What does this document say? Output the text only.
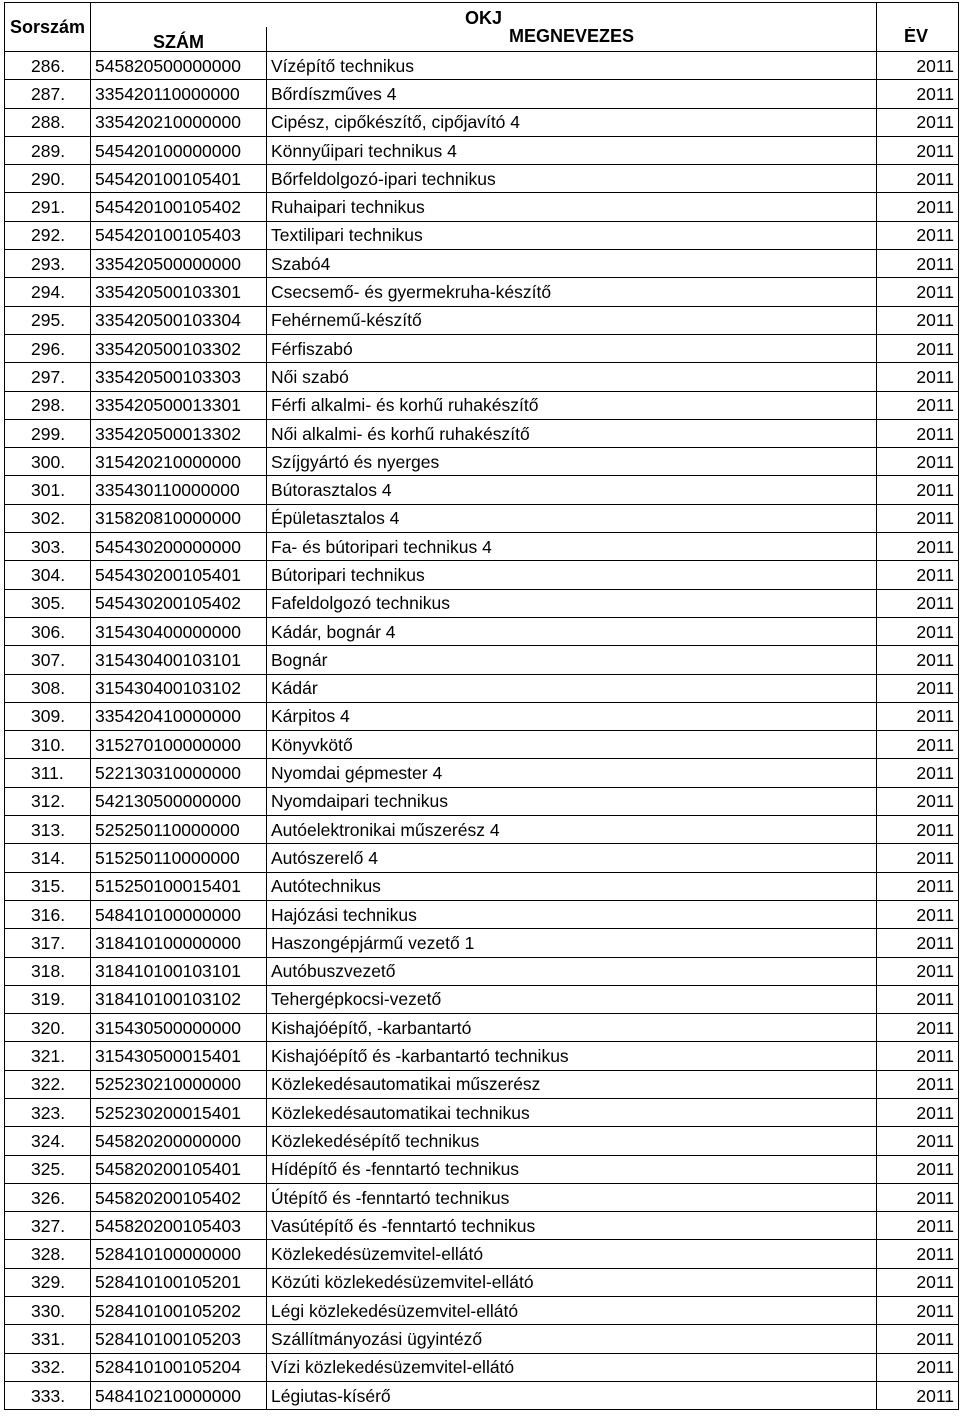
Sorszám	OKJ		
	SZÁM	MEGNEVEZES	ÉV
286.	545820500000000	Vízépítő technikus	2011
287.	335420110000000	Bőrdíszműves 4	2011
288.	335420210000000	Cipész, cipőkészítő, cipőjavító 4	2011
289.	545420100000000	Könnyűipari technikus 4	2011
290.	545420100105401	Bőrfeldolgozó-ipari technikus	2011
291.	545420100105402	Ruhaipari technikus	2011
292.	545420100105403	Textilipari technikus	2011
293.	335420500000000	Szabó4	2011
294.	335420500103301	Csecsemő- és gyermekruha-készítő	2011
295.	335420500103304	Fehérnemű-készítő	2011
296.	335420500103302	Férfiszabó	2011
297.	335420500103303	Női szabó	2011
298.	335420500013301	Férfi alkalmi- és korhű ruhakészítő	2011
299.	335420500013302	Női alkalmi- és korhű ruhakészítő	2011
300.	315420210000000	Szíjgyártó és nyerges	2011
301.	335430110000000	Bútorasztalos 4	2011
302.	315820810000000	Épületasztalos 4	2011
303.	545430200000000	Fa- és bútoripari technikus 4	2011
304.	545430200105401	Bútoripari technikus	2011
305.	545430200105402	Fafeldolgozó technikus	2011
306.	315430400000000	Kádár, bognár 4	2011
307.	315430400103101	Bognár	2011
308.	315430400103102	Kádár	2011
309.	335420410000000	Kárpitos 4	2011
310.	315270100000000	Könyvkötő	2011
311.	522130310000000	Nyomdai gépmester 4	2011
312.	542130500000000	Nyomdaipari technikus	2011
313.	525250110000000	Autóelektronikai műszerész 4	2011
314.	515250110000000	Autószerelő 4	2011
315.	515250100015401	Autótechnikus	2011
316.	548410100000000	Hajózási technikus	2011
317.	318410100000000	Haszongépjármű vezető 1	2011
318.	318410100103101	Autóbuszvezető	2011
319.	318410100103102	Tehergépkocsi-vezető	2011
320.	315430500000000	Kishajóépítő, -karbantartó	2011
321.	315430500015401	Kishajóépítő és -karbantartó technikus	2011
322.	525230210000000	Közlekedésautomatikai műszerész	2011
323.	525230200015401	Közlekedésautomatikai technikus	2011
324.	545820200000000	Közlekedésépítő technikus	2011
325.	545820200105401	Hídépítő és -fenntartó technikus	2011
326.	545820200105402	Útépítő és -fenntartó technikus	2011
327.	545820200105403	Vasútépítő és -fenntartó technikus	2011
328.	528410100000000	Közlekedésüzemvitel-ellátó	2011
329.	528410100105201	Közúti közlekedésüzemvitel-ellátó	2011
330.	528410100105202	Légi közlekedésüzemvitel-ellátó	2011
331.	528410100105203	Szállítmányozási ügyintéző	2011
332.	528410100105204	Vízi közlekedésüzemvitel-ellátó	2011
333.	548410210000000	Légiutas-kísérő	2011
